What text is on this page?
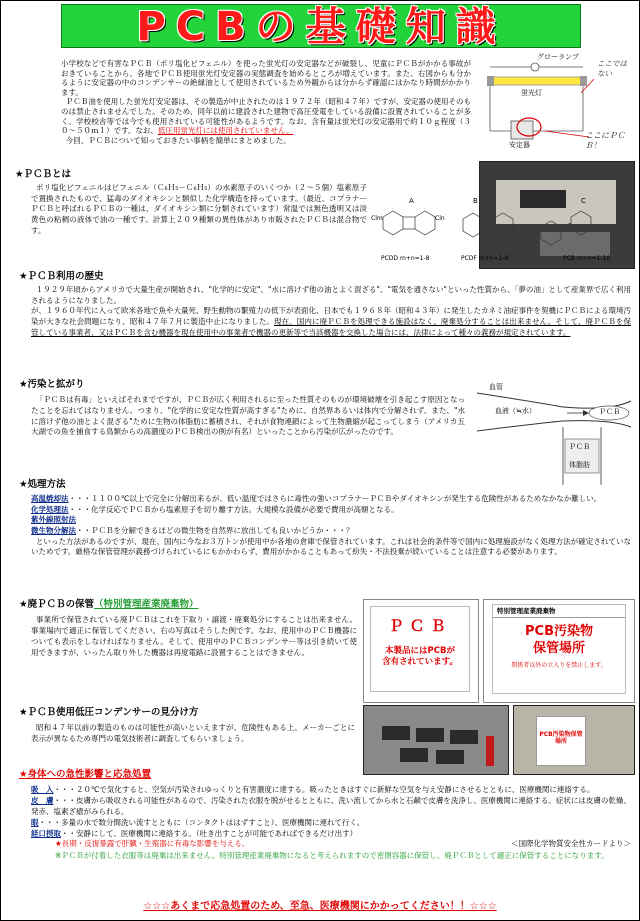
PCBの基礎知識
小学校などで有害なＰＣＢ（ポリ塩化ビフェニル）を使った蛍光灯の安定器などが破裂し、児童にＰＣＢがかかる事故がおきていることから、各地でＰＣＢ使用蛍光灯安定器の実態調査を始めるところが増えています。また、右図からも分かるように安定器の中のコンデンサーの絶縁油として使用されているため外観からは分からず確認にはかなり時間がかかります。
ＰＣＢ油を使用した蛍光灯安定器は、その製造が中止されたのは１９７２年（昭和４７年）ですが、安定器の使用そのものは禁止されませんでした。そのため、同年以前に建設された建物で高圧受電をしている設備に設置されていることが多く、学校校舎等では今でも使用されている可能性があるようです。なお、含有量は蛍光灯の安定器用で約１０ｇ程度（３０～５０ｍｌ）です。なお、低圧用蛍光灯には使用されていません。
今回、ＰＣＢについて知っておきたい事柄を簡単にまとめました。
グローランプ
蛍光灯
安定器
ここではない
ここにＰＣＢ！
★ＰＣＢとは
ポリ塩化ビフェニルはビフェニル（Ｃ₆Ｈ₅－Ｃ₆Ｈ₅）の水素原子のいくつか（２～５個）塩素原子で置換されたもので、猛毒のダイオキシンと類似した化学構造を持っています。（最近、コプラナーＰＣＢと呼ばれるＰＣＢの一種は、ダイオキシン類に分類されています）常温では無色透明又は淡黄色の粘稠の液体で油の一種です。計算上２０９種類の異性体があり市販されたＰＣＢは混合物です。
A
Clm	Cln
PCDD m+n=1-8
B	C
PCDF m+n=1-8	PCB m+n=1-10
★ＰＣＢ利用の歴史
１９２９年頃からアメリカで大量生産が開始され、"化学的に安定"、"水に溶けず他の油とよく混ざる"、"電気を通さない"といった性質から、「夢の油」として産業界で広く利用されるようになりました。
が、１９６０年代に入って欧米各地で魚や大量死、野生動物の繁殖力の低下が表面化、日本でも１９６８年（昭和４３年）に発生したカネミ油症事件を契機にＰＣＢによる環境汚染が大きな社会問題になり、昭和４７年７月に製造中止になりました。現在、国内に廃ＰＣＢを処理できる施設はなく、廃棄処分することは出来ません。そして、廃ＰＣＢを保管している事業者、又はＰＣＢを含む機器を現在使用中の事業者で機器の更新等で当該機器を交換した場合には、法律によって種々の義務が規定されています。
★汚染と拡がり
「ＰＣＢは有毒」といえばそれまでですが、ＰＣＢが広く利用されるに至った性質そのものが環境破壊を引き起こす原因となったことを忘れてはなりません。つまり、"化学的に安定な性質が高すぎる"ために、自然界あるいは体内で分解されず、また、"水に溶けず他の油とよく混ざる"ために生物の体脂肪に蓄積され、それが食物連鎖によって生物濃縮が起こってしまう（アメリカ五大湖での魚を捕食する鳥類からの高濃度のＰＣＢ検出の例が有名）といったことから汚染が広がったのです。
血管
血液（≒水）	ＰＣＢ
ＰＣＢ
体脂肪
★処理方法
高温焼却法・・・１１００℃以上で完全に分解出来るが、低い温度ではさらに毒性の強いコプラナーＰＣＢやダイオキシンが発生する危険性があるためなかなか難しい。
化学処理法・・・化学反応でＰＣＢから塩素原子を切り離す方法。大規模な設備が必要で費用が高額となる。
紫外線照射法
微生物分解法・・ＰＣＢを分解できるほどの微生物を自然界に放出しても良いかどうか・・・？
といった方法があるのですが、現在、国内に今なお３万トンが使用中か各地の倉庫で保管されています。これは社会的条件等で国内に処理施設がなく処理方法が確定されていないためです。厳格な保管管理が義務づけられているにもかかわらず、費用がかかることもあって紛失・不法投棄が続いていることは注意する必要があります。
★廃ＰＣＢの保管（特別管理産業廃棄物）
事業所で保管されている廃ＰＣＢはこれを下取り・譲渡・廃棄処分にすることは出来ません。事業場内で適正に保管してください。右の写真はそうした例です。なお、使用中のＰＣＢ機器についても表示をしなければなりません。そして、使用中のＰＣＢコンデンサー等は引き続いて使用できますが、いったん取り外した機器は再度電路に設置することはできません。
ＰＣＢ
本製品にはPCBが
含有されています。
特別管理産業廃棄物
PCB汚染物
保管場所
関係者以外の立入りを禁止します。
★ＰＣＢ使用低圧コンデンサーの見分け方
昭和４７年以前の製造のものは可能性が高いといえますが、危険性もある上、メーカーごとに表示が異なるため専門の電気技術者に調査してもらいましょう。	PCB汚染物保管場所
★身体への急性影響と応急処置
吸　入・・・２０℃で気化すると、空気が汚染されゆっくりと有害濃度に達する。吸ったときはすぐに新鮮な空気を与え安静にさせるとともに、医療機関に連絡する。
皮　膚・・・皮膚から吸収される可能性があるので、汚染された衣服を脱がせるとともに、洗い流してから水と石鹸で皮膚を洗浄し、医療機関に連絡する。症状には皮膚の乾燥、発赤、塩素ざ瘡がみられる。
眼・・・多量の水で数分間洗い流すとともに（コンタクトははずすこと）、医療機関に連れて行く。
経口摂取・・安静にして、医療機関に連絡する。（吐き出すことが可能であればできるだけ出す）
★長期・反復暴露で肝臓・生殖器に有毒な影響を与える。	＜国際化学物質安全性カードより＞
※ＰＣＢが付着した衣服等は廃棄は出来ません。特別管理産業廃棄物になると考えられますので密閉容器に保管し、廃ＰＣＢとして適正に保管することになります。
☆☆☆あくまで応急処置のため、至急、医療機関にかかってください！！☆☆☆
